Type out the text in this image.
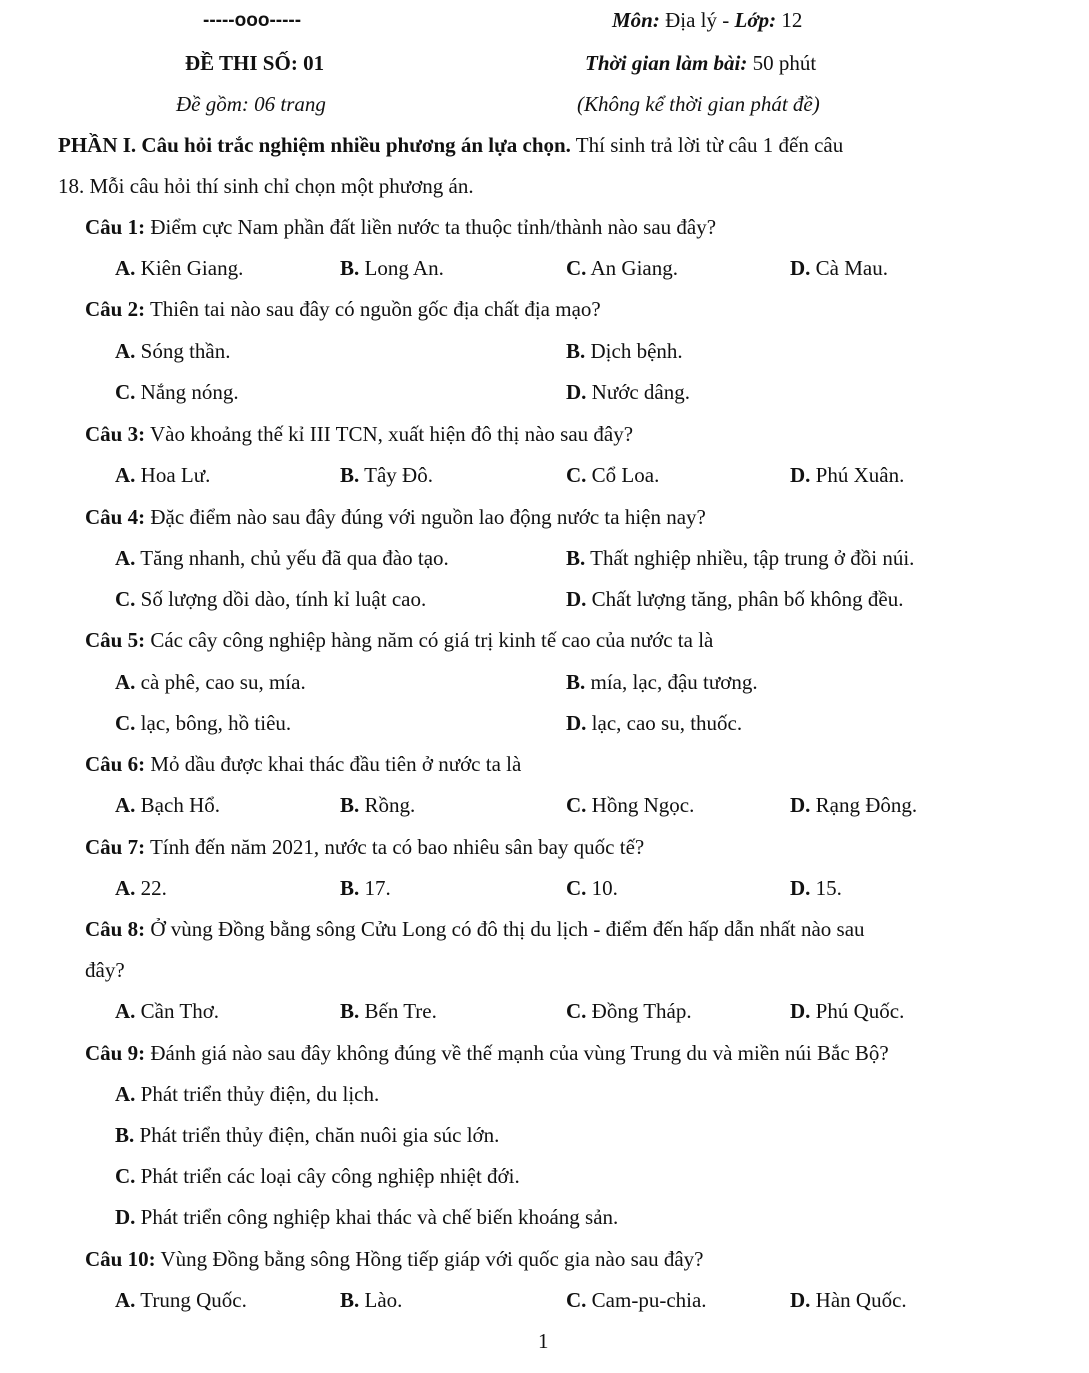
-----ooo-----	Môn: Địa lý - Lớp: 12
ĐỀ THI SỐ: 01	Thời gian làm bài: 50 phút
Đề gồm: 06 trang	(Không kể thời gian phát đề)
PHẦN I. Câu hỏi trắc nghiệm nhiều phương án lựa chọn. Thí sinh trả lời từ câu 1 đến câu
18. Mỗi câu hỏi thí sinh chỉ chọn một phương án.
Câu 1: Điểm cực Nam phần đất liền nước ta thuộc tỉnh/thành nào sau đây?
A. Kiên Giang.	B. Long An.	C. An Giang.	D. Cà Mau.
Câu 2: Thiên tai nào sau đây có nguồn gốc địa chất địa mạo?
A. Sóng thần.	B. Dịch bệnh.
C. Nắng nóng.	D. Nước dâng.
Câu 3: Vào khoảng thế kỉ III TCN, xuất hiện đô thị nào sau đây?
A. Hoa Lư.	B. Tây Đô.	C. Cổ Loa.	D. Phú Xuân.
Câu 4: Đặc điểm nào sau đây đúng với nguồn lao động nước ta hiện nay?
A. Tăng nhanh, chủ yếu đã qua đào tạo.	B. Thất nghiệp nhiều, tập trung ở đồi núi.
C. Số lượng dồi dào, tính kỉ luật cao.	D. Chất lượng tăng, phân bố không đều.
Câu 5: Các cây công nghiệp hàng năm có giá trị kinh tế cao của nước ta là
A. cà phê, cao su, mía.	B. mía, lạc, đậu tương.
C. lạc, bông, hồ tiêu.	D. lạc, cao su, thuốc.
Câu 6: Mỏ dầu được khai thác đầu tiên ở nước ta là
A. Bạch Hổ.	B. Rồng.	C. Hồng Ngọc.	D. Rạng Đông.
Câu 7: Tính đến năm 2021, nước ta có bao nhiêu sân bay quốc tế?
A. 22.	B. 17.	C. 10.	D. 15.
Câu 8: Ở vùng Đồng bằng sông Cửu Long có đô thị du lịch - điểm đến hấp dẫn nhất nào sau
đây?
A. Cần Thơ.	B. Bến Tre.	C. Đồng Tháp.	D. Phú Quốc.
Câu 9: Đánh giá nào sau đây không đúng về thế mạnh của vùng Trung du và miền núi Bắc Bộ?
A. Phát triển thủy điện, du lịch.
B. Phát triển thủy điện, chăn nuôi gia súc lớn.
C. Phát triển các loại cây công nghiệp nhiệt đới.
D. Phát triển công nghiệp khai thác và chế biến khoáng sản.
Câu 10: Vùng Đồng bằng sông Hồng tiếp giáp với quốc gia nào sau đây?
A. Trung Quốc.	B. Lào.	C. Cam-pu-chia.	D. Hàn Quốc.
1
